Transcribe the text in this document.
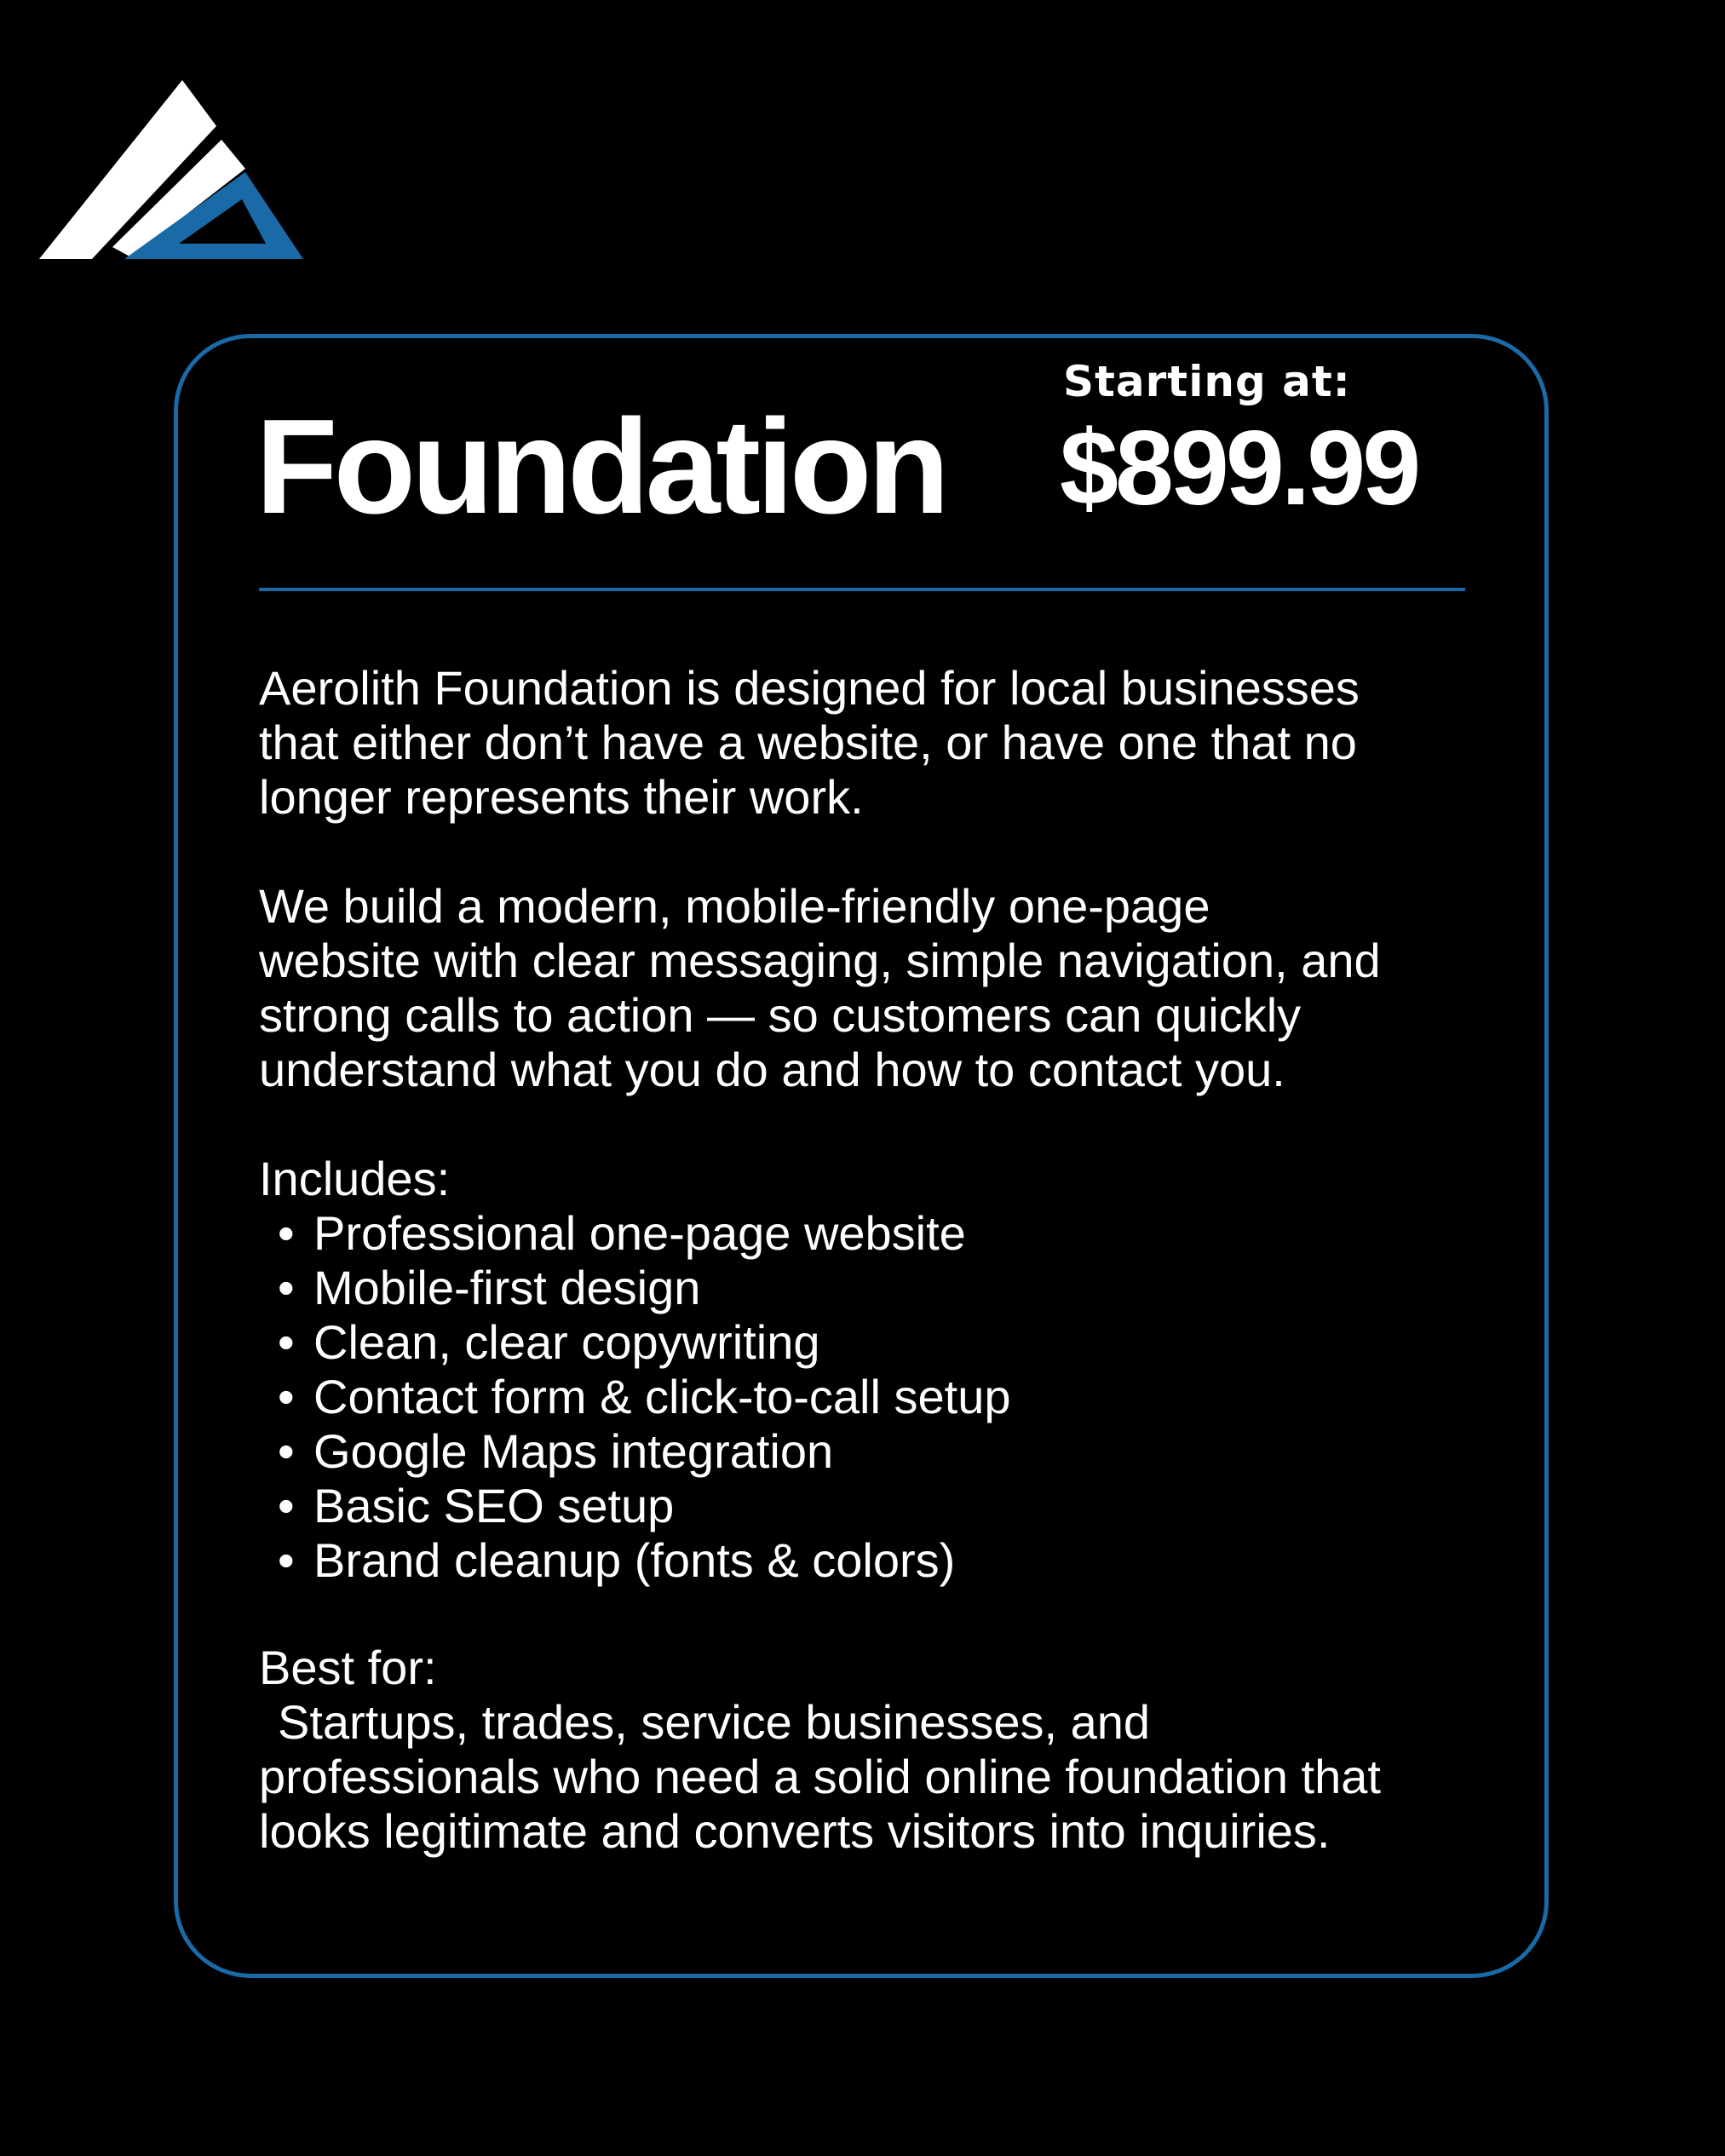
Foundation
Starting at:
$899.99

Aerolith Foundation is designed for local businesses

that either don’t have a website, or have one that no

longer represents their work.

We build a modern, mobile-friendly one-page

website with clear messaging, simple navigation, and

strong calls to action — so customers can quickly

understand what you do and how to contact you.

Includes:

• Professional one-page website
• Mobile-first design
• Clean, clear copywriting
• Contact form & click-to-call setup
• Google Maps integration
• Basic SEO setup
• Brand cleanup (fonts & colors)

Best for:

Startups, trades, service businesses, and

professionals who need a solid online foundation that

looks legitimate and converts visitors into inquiries.
